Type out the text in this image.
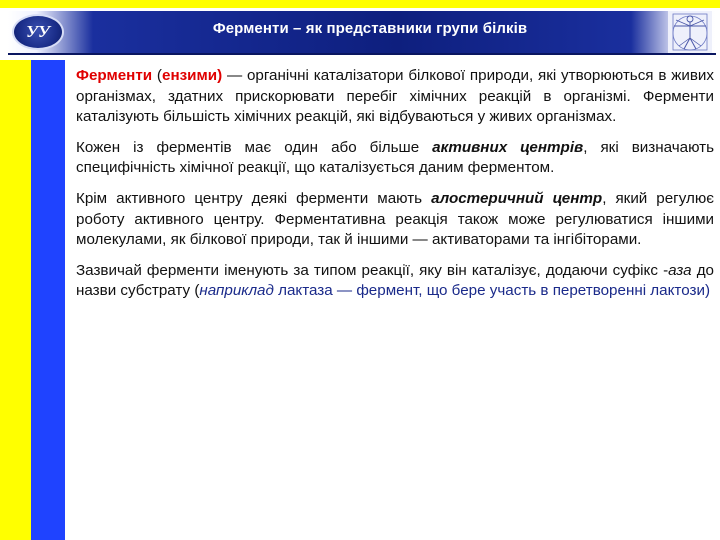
Ферменти – як представники групи білків
УУ

Ферменти (ензими) — органічні каталізатори білкової природи, які утворюються в живих організмах, здатних прискорювати перебіг хімічних реакцій в організмі. Ферменти каталізують більшість хімічних реакцій, які відбуваються у живих організмах.

Кожен із ферментів має один або більше активних центрів, які визначають специфічність хімічної реакції, що каталізується даним ферментом.

Крім активного центру деякі ферменти мають алостеричний центр, який регулює роботу активного центру. Ферментативна реакція також може регулюватися іншими молекулами, як білкової природи, так й іншими — активаторами та інгібіторами.

Зазвичай ферменти іменують за типом реакції, яку він каталізує, додаючи суфікс -аза до назви субстрату (наприклад лактаза — фермент, що бере участь в перетворенні лактози)
